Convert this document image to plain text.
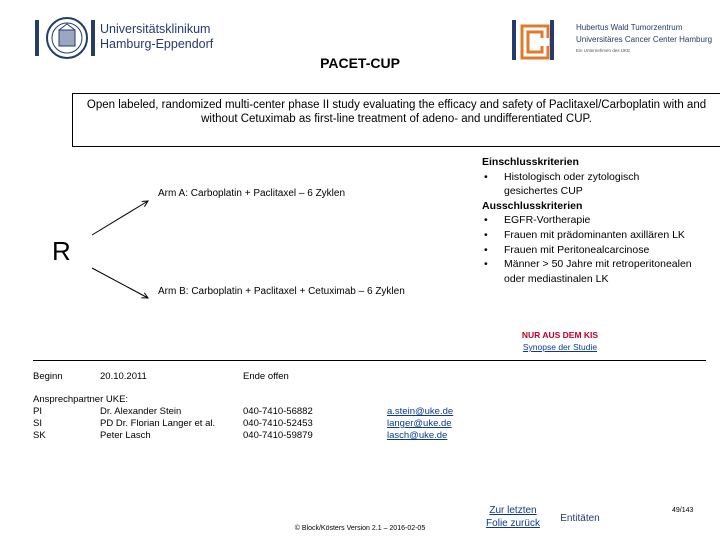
Universitätsklinikum
Hamburg-Eppendorf
Hubertus Wald Tumorzentrum
Universitäres Cancer Center Hamburg
Ein Unternehmen des UKE
PACET-CUP
Open labeled, randomized multi-center phase II study evaluating the efficacy and safety of Paclitaxel/Carboplatin with and without Cetuximab as first-line treatment of adeno- and undifferentiated CUP.
R
Arm A: Carboplatin + Paclitaxel – 6 Zyklen
Arm B: Carboplatin + Paclitaxel + Cetuximab – 6 Zyklen
Einschlusskriterien
•	Histologisch oder zytologisch gesichertes CUP
Ausschlusskriterien
•	EGFR-Vortherapie
•	Frauen mit prädominanten axillären LK
•	Frauen mit Peritonealcarcinose
•	Männer > 50 Jahre mit retroperitonealen oder mediastinalen LK
NUR AUS DEM KIS
Synopse der Studie
Beginn	20.10.2011	Ende offen
Ansprechpartner UKE:
PI	Dr. Alexander Stein	040-7410-56882	a.stein@uke.de
SI	PD Dr. Florian Langer et al.	040-7410-52453	langer@uke.de
SK	Peter Lasch	040-7410-59879	lasch@uke.de
Zur letzten
Folie zurück	Entitäten
© Block/Kösters Version 2.1 – 2016-02-05
49/143
